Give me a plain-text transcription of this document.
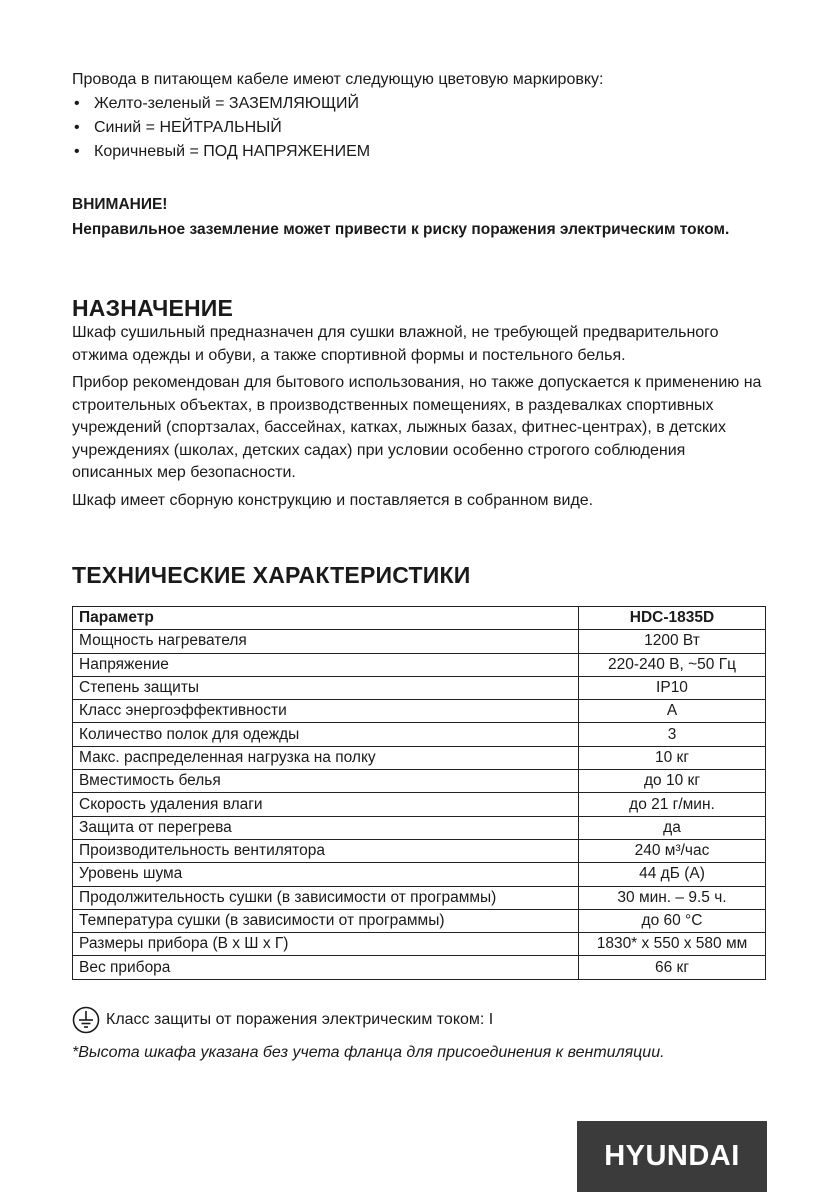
Провода в питающем кабеле имеют следующую цветовую маркировку:
• Желто-зеленый = ЗАЗЕМЛЯЮЩИЙ
• Синий = НЕЙТРАЛЬНЫЙ
• Коричневый = ПОД НАПРЯЖЕНИЕМ
ВНИМАНИЕ!
Неправильное заземление может привести к риску поражения электрическим током.
НАЗНАЧЕНИЕ

Шкаф сушильный предназначен для сушки влажной, не требующей предварительного отжима одежды и обуви, а также спортивной формы и постельного белья.

Прибор рекомендован для бытового использования, но также допускается к применению на строительных объектах, в производственных помещениях, в раздевалках спортивных учреждений (спортзалах, бассейнах, катках, лыжных базах, фитнес-центрах), в детских учреждениях (школах, детских садах) при условии особенно строгого соблюдения описанных мер безопасности.

Шкаф имеет сборную конструкцию и поставляется в собранном виде.

ТЕХНИЧЕСКИЕ ХАРАКТЕРИСТИКИ
Параметр	HDC-1835D
Мощность нагревателя	1200 Вт
Напряжение	220-240 В, ~50 Гц
Степень защиты	IP10
Класс энергоэффективности	A
Количество полок для одежды	3
Макс. распределенная нагрузка на полку	10 кг
Вместимость белья	до 10 кг
Скорость удаления влаги	до 21 г/мин.
Защита от перегрева	да
Производительность вентилятора	240 м³/час
Уровень шума	44 дБ (А)
Продолжительность сушки (в зависимости от программы)	30 мин. – 9.5 ч.
Температура сушки (в зависимости от программы)	до 60 °С
Размеры прибора (В х Ш х Г)	1830* х 550 х 580 мм
Вес прибора	66 кг
Класс защиты от поражения электрическим током: I
*Высота шкафа указана без учета фланца для присоединения к вентиляции.
HYUNDAI
